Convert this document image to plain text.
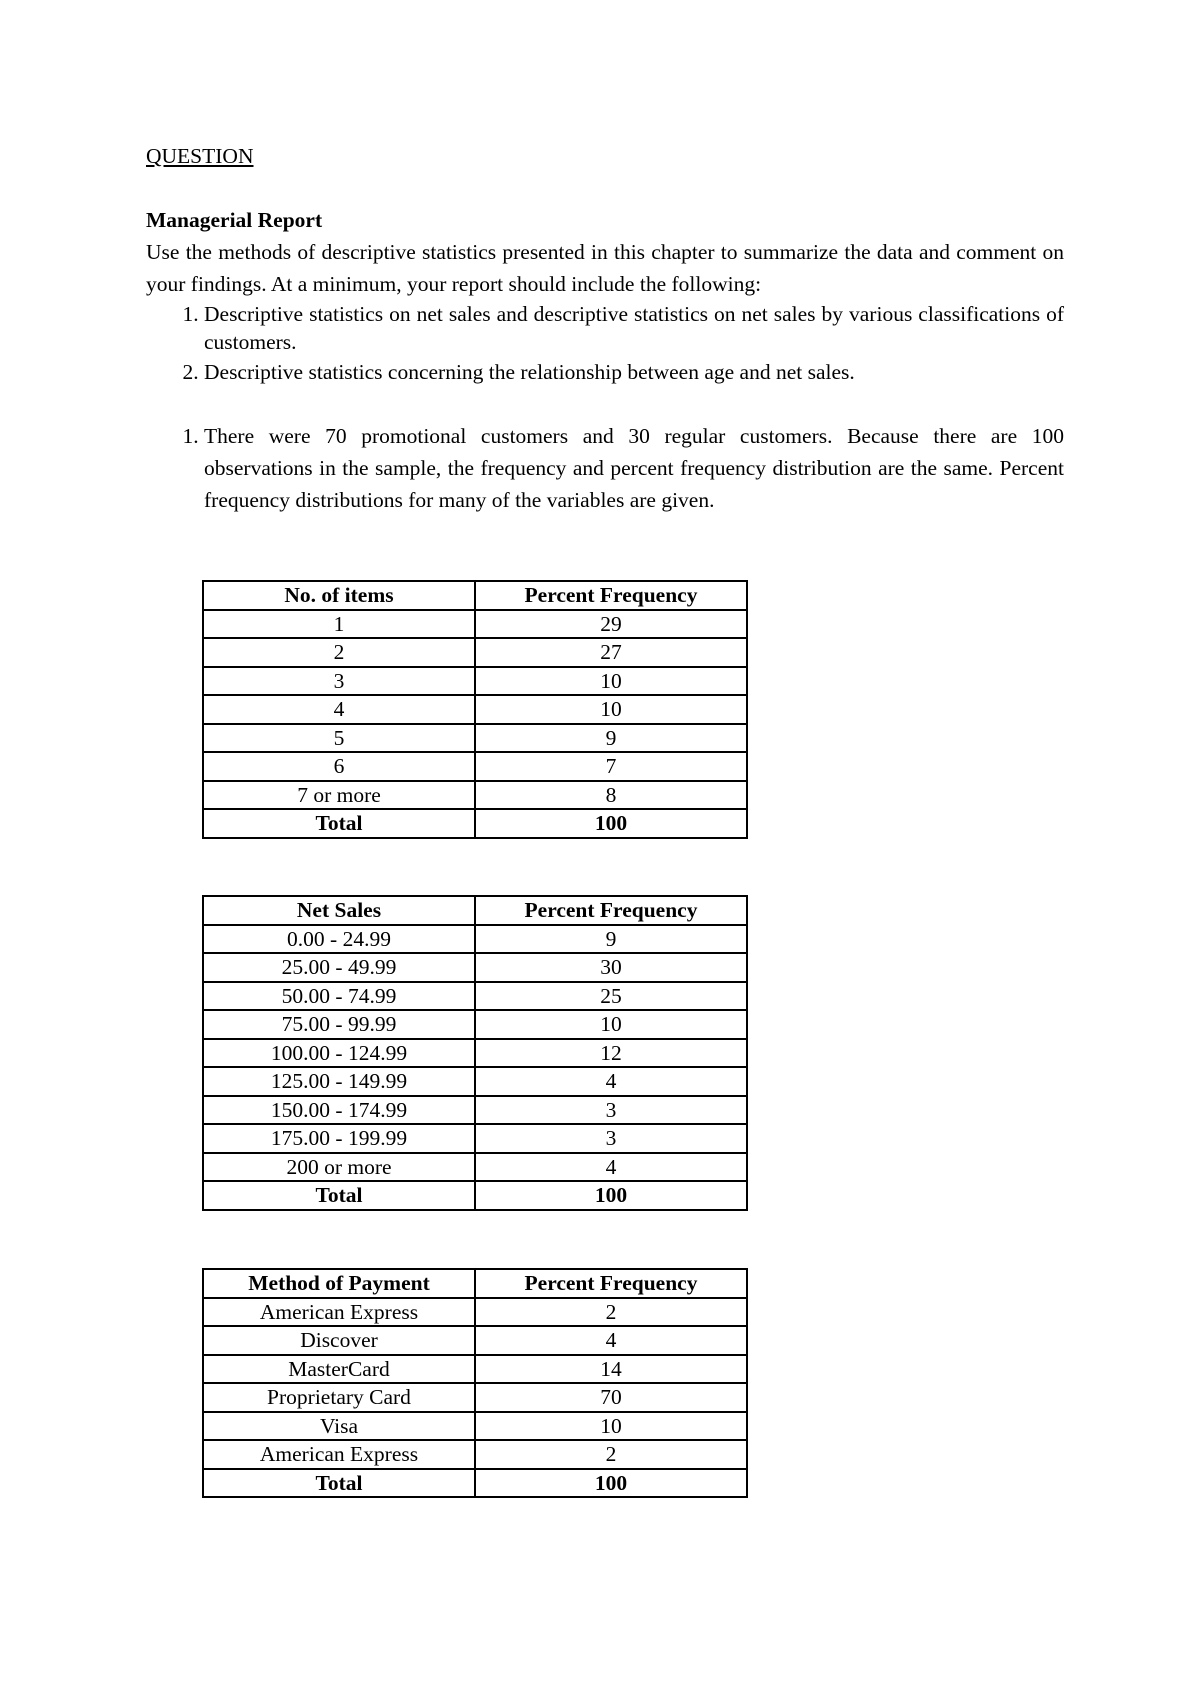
QUESTION

Managerial Report

Use the methods of descriptive statistics presented in this chapter to summarize the data and comment on your findings. At a minimum, your report should include the following:

1. Descriptive statistics on net sales and descriptive statistics on net sales by various classifications of customers.
2. Descriptive statistics concerning the relationship between age and net sales.
1. There were 70 promotional customers and 30 regular customers. Because there are 100 observations in the sample, the frequency and percent frequency distribution are the same. Percent frequency distributions for many of the variables are given.
No. of items	Percent Frequency
1	29
2	27
3	10
4	10
5	9
6	7
7 or more	8
Total	100
Net Sales	Percent Frequency
0.00 - 24.99	9
25.00 - 49.99	30
50.00 - 74.99	25
75.00 - 99.99	10
100.00 - 124.99	12
125.00 - 149.99	4
150.00 - 174.99	3
175.00 - 199.99	3
200 or more	4
Total	100
Method of Payment	Percent Frequency
American Express	2
Discover	4
MasterCard	14
Proprietary Card	70
Visa	10
American Express	2
Total	100
